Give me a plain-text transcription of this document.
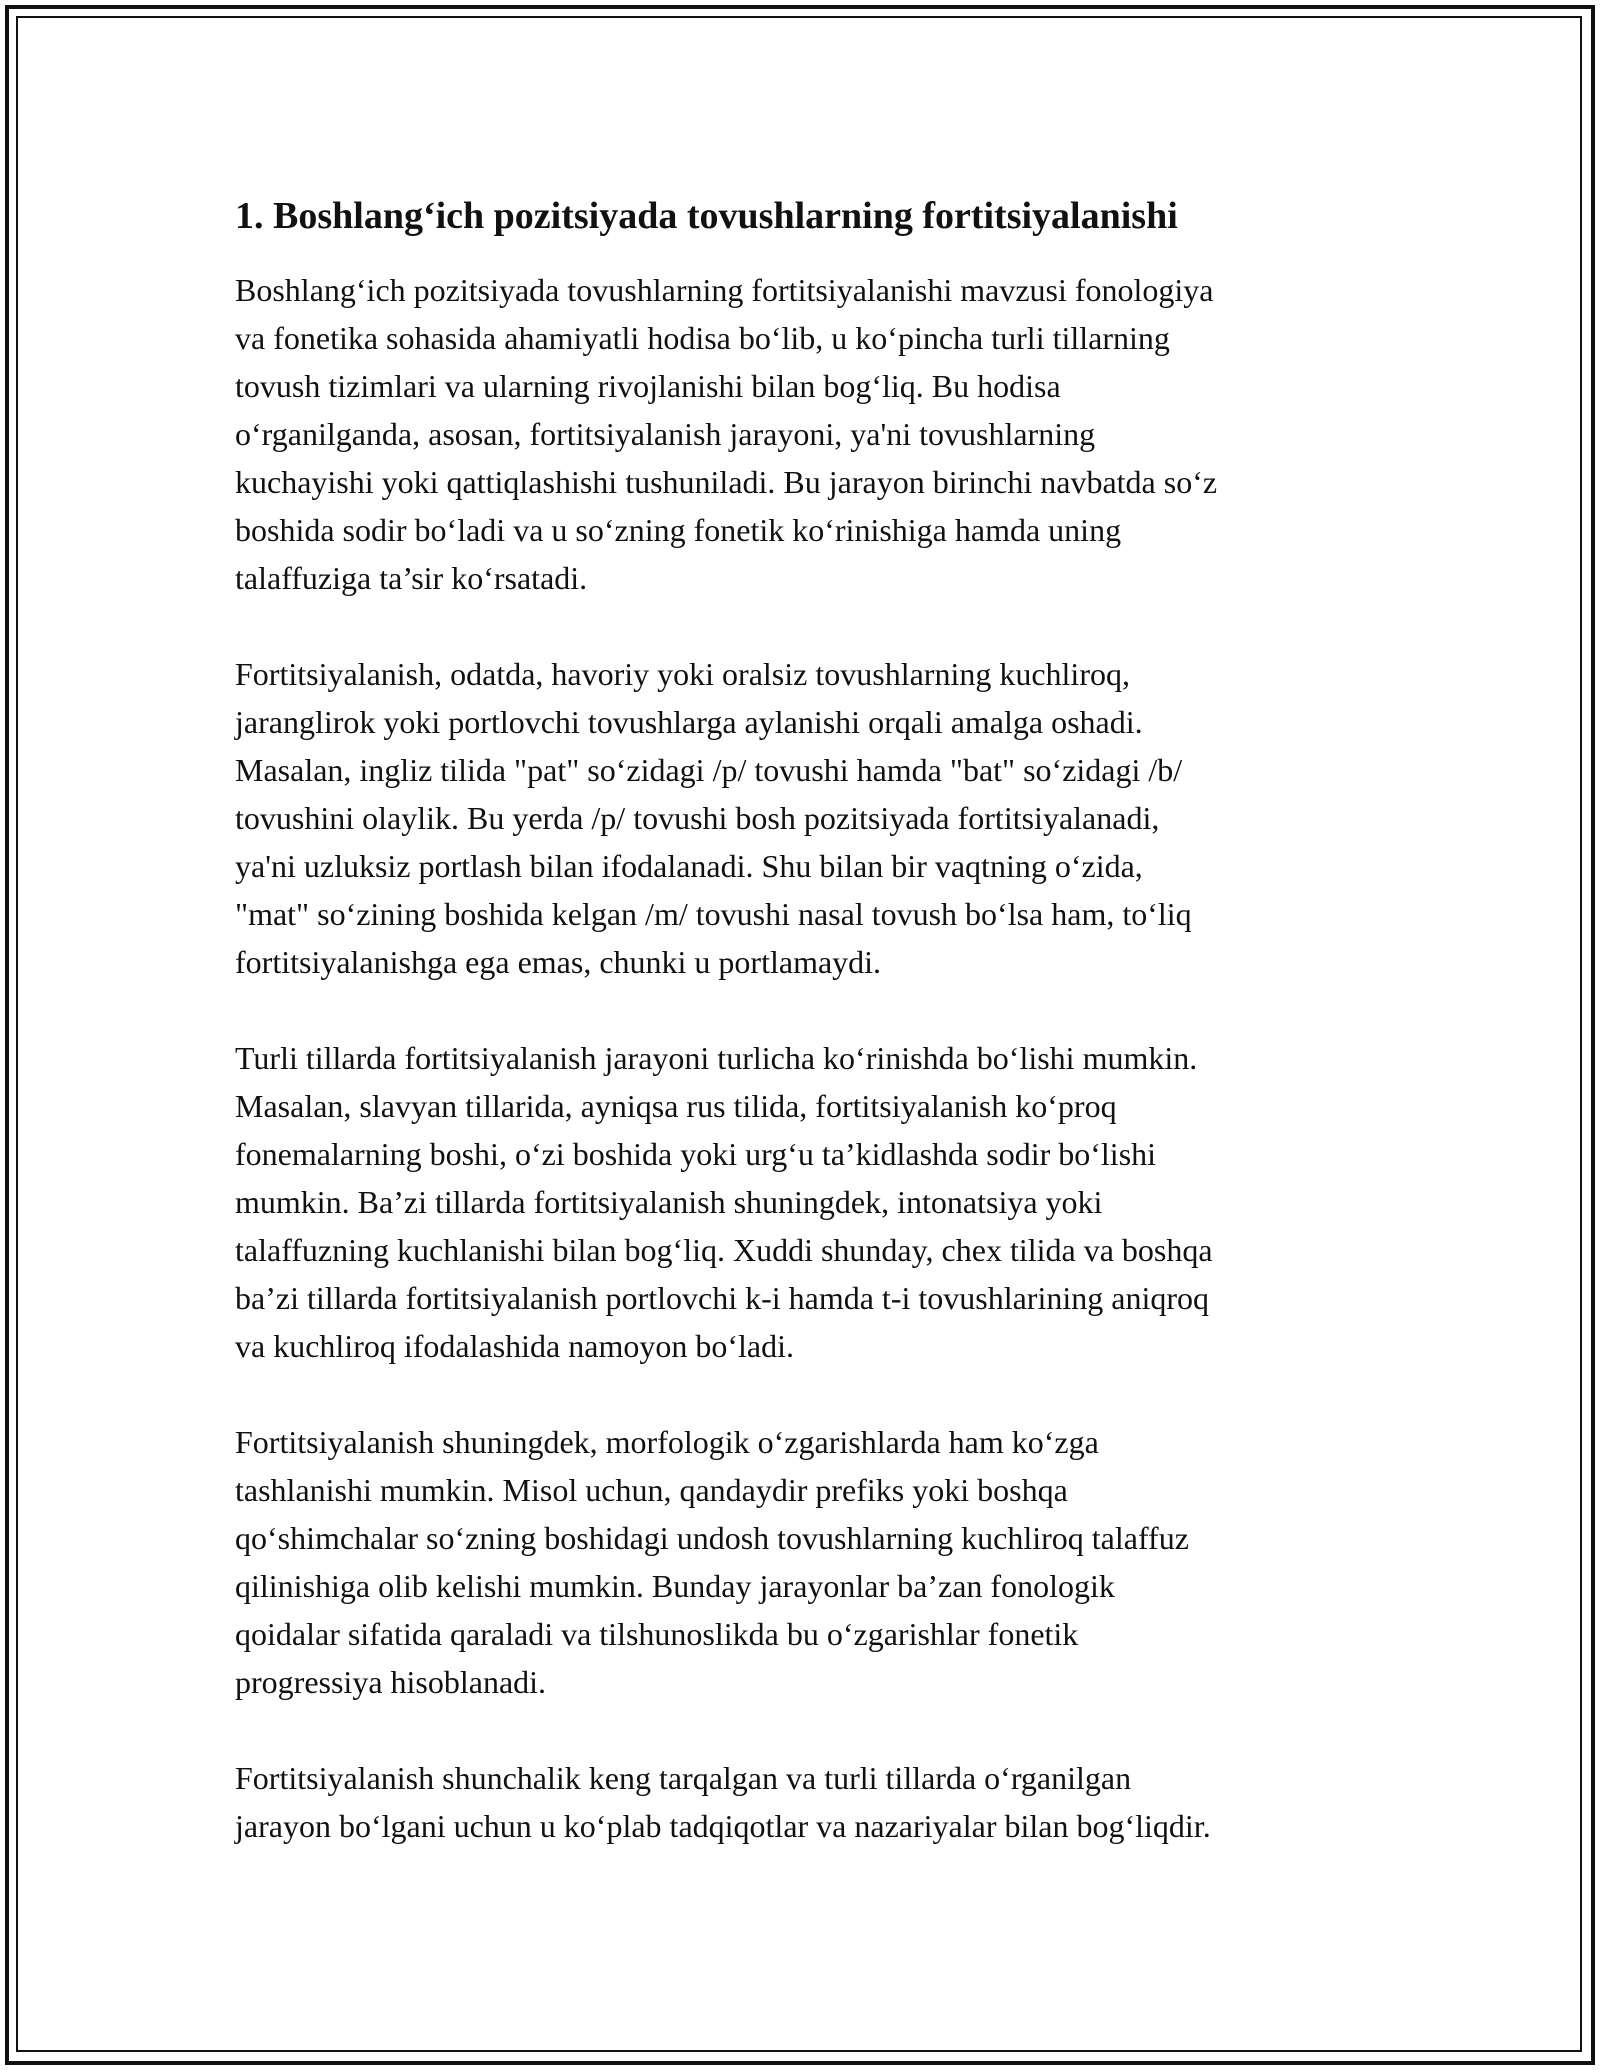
1. Boshlang‘ich pozitsiyada tovushlarning fortitsiyalanishi

Boshlang‘ich pozitsiyada tovushlarning fortitsiyalanishi mavzusi fonologiya
va fonetika sohasida ahamiyatli hodisa bo‘lib, u ko‘pincha turli tillarning
tovush tizimlari va ularning rivojlanishi bilan bog‘liq. Bu hodisa
o‘rganilganda, asosan, fortitsiyalanish jarayoni, ya'ni tovushlarning
kuchayishi yoki qattiqlashishi tushuniladi. Bu jarayon birinchi navbatda so‘z
boshida sodir bo‘ladi va u so‘zning fonetik ko‘rinishiga hamda uning
talaffuziga ta’sir ko‘rsatadi.

Fortitsiyalanish, odatda, havoriy yoki oralsiz tovushlarning kuchliroq,
jaranglirok yoki portlovchi tovushlarga aylanishi orqali amalga oshadi.
Masalan, ingliz tilida "pat" so‘zidagi /p/ tovushi hamda "bat" so‘zidagi /b/
tovushini olaylik. Bu yerda /p/ tovushi bosh pozitsiyada fortitsiyalanadi,
ya'ni uzluksiz portlash bilan ifodalanadi. Shu bilan bir vaqtning o‘zida,
"mat" so‘zining boshida kelgan /m/ tovushi nasal tovush bo‘lsa ham, to‘liq
fortitsiyalanishga ega emas, chunki u portlamaydi.

Turli tillarda fortitsiyalanish jarayoni turlicha ko‘rinishda bo‘lishi mumkin.
Masalan, slavyan tillarida, ayniqsa rus tilida, fortitsiyalanish ko‘proq
fonemalarning boshi, o‘zi boshida yoki urg‘u ta’kidlashda sodir bo‘lishi
mumkin. Ba’zi tillarda fortitsiyalanish shuningdek, intonatsiya yoki
talaffuzning kuchlanishi bilan bog‘liq. Xuddi shunday, chex tilida va boshqa
ba’zi tillarda fortitsiyalanish portlovchi k-i hamda t-i tovushlarining aniqroq
va kuchliroq ifodalashida namoyon bo‘ladi.

Fortitsiyalanish shuningdek, morfologik o‘zgarishlarda ham ko‘zga
tashlanishi mumkin. Misol uchun, qandaydir prefiks yoki boshqa
qo‘shimchalar so‘zning boshidagi undosh tovushlarning kuchliroq talaffuz
qilinishiga olib kelishi mumkin. Bunday jarayonlar ba’zan fonologik
qoidalar sifatida qaraladi va tilshunoslikda bu o‘zgarishlar fonetik
progressiya hisoblanadi.

Fortitsiyalanish shunchalik keng tarqalgan va turli tillarda o‘rganilgan
jarayon bo‘lgani uchun u ko‘plab tadqiqotlar va nazariyalar bilan bog‘liqdir.
